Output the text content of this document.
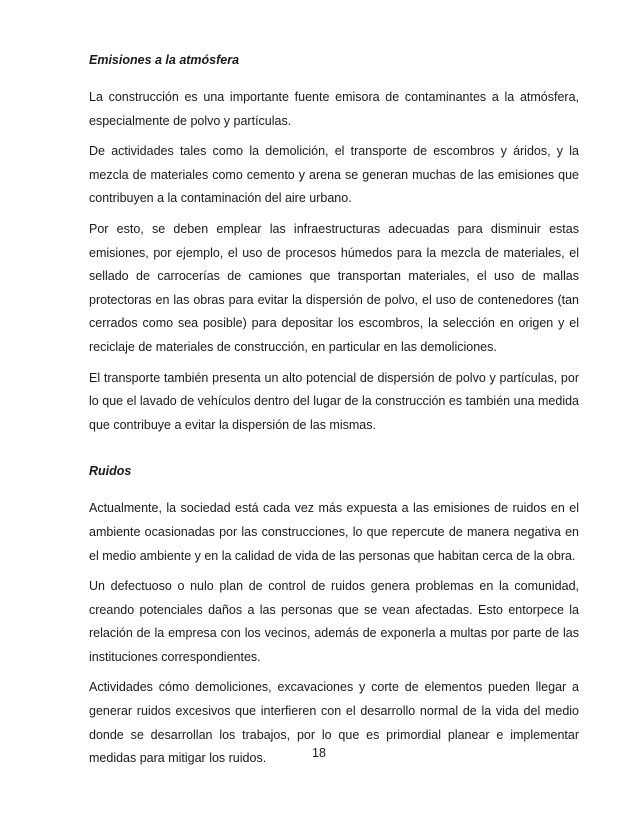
Emisiones a la atmósfera

La construcción es una importante fuente emisora de contaminantes a la atmósfera, especialmente de polvo y partículas.

De actividades tales como la demolición, el transporte de escombros y áridos, y la mezcla de materiales como cemento y arena se generan muchas de las emisiones que contribuyen a la contaminación del aire urbano.

Por esto, se deben emplear las infraestructuras adecuadas para disminuir estas emisiones, por ejemplo, el uso de procesos húmedos para la mezcla de materiales, el sellado de carrocerías de camiones que transportan materiales, el uso de mallas protectoras en las obras para evitar la dispersión de polvo, el uso de contenedores (tan cerrados como sea posible) para depositar los escombros, la selección en origen y el reciclaje de materiales de construcción, en particular en las demoliciones.

El transporte también presenta un alto potencial de dispersión de polvo y partículas, por lo que el lavado de vehículos dentro del lugar de la construcción es también una medida que contribuye a evitar la dispersión de las mismas.

Ruidos

Actualmente, la sociedad está cada vez más expuesta a las emisiones de ruidos en el ambiente ocasionadas por las construcciones, lo que repercute de manera negativa en el medio ambiente y en la calidad de vida de las personas que habitan cerca de la obra.

Un defectuoso o nulo plan de control de ruidos genera problemas en la comunidad, creando potenciales daños a las personas que se vean afectadas. Esto entorpece la relación de la empresa con los vecinos, además de exponerla a multas por parte de las instituciones correspondientes.

Actividades cómo demoliciones, excavaciones y corte de elementos pueden llegar a generar ruidos excesivos que interfieren con el desarrollo normal de la vida del medio donde se desarrollan los trabajos, por lo que es primordial planear e implementar medidas para mitigar los ruidos.	18
